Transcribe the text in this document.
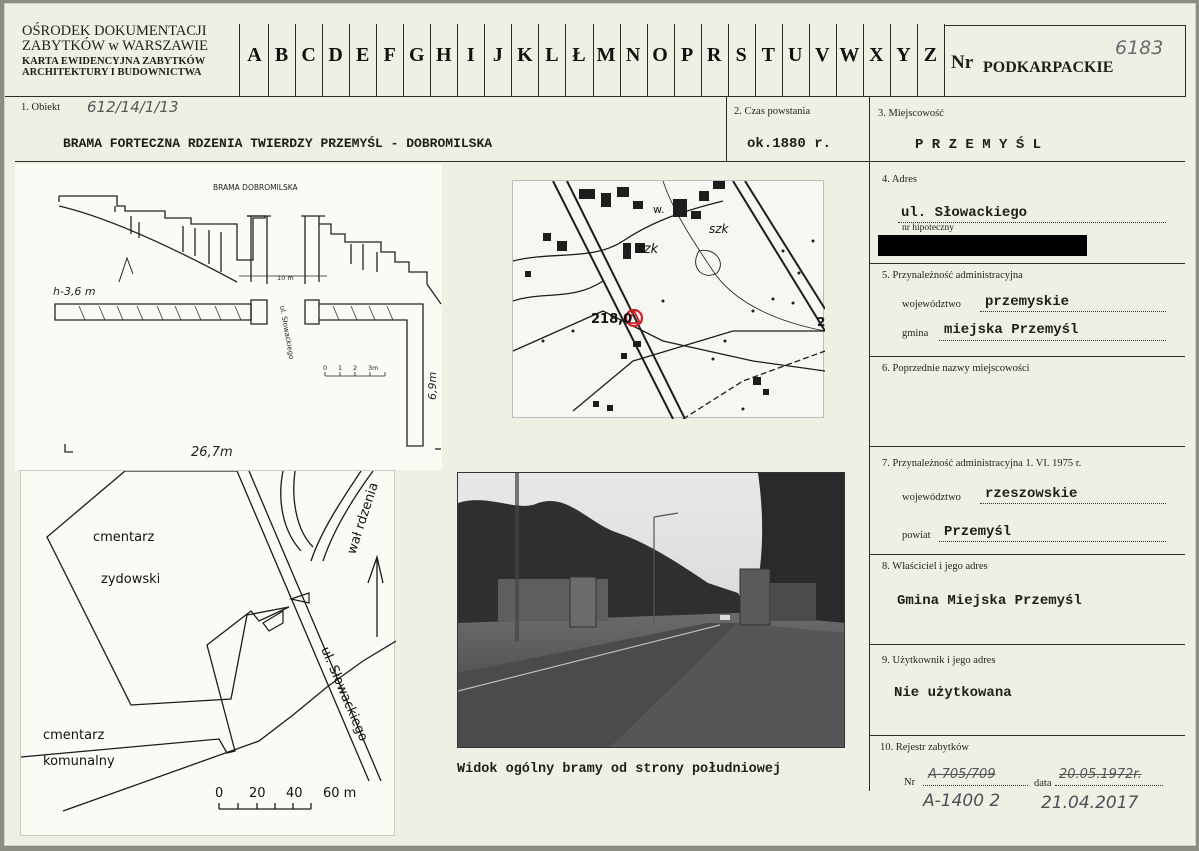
OŚRODEK DOKUMENTACJI
ZABYTKÓW w WARSZAWIE
KARTA EWIDENCYJNA ZABYTKÓW
ARCHITEKTURY I BUDOWNICTWA
A B C D E F G H I J K L Ł M N O P R S T U V W X Y Z Nr PODKARPACKIE
6183
1. Obiekt 612/14/1/13
BRAMA FORTECZNA RDZENIA TWIERDZY PRZEMYŚL - DOBROMILSKA
2. Czas powstania
ok.1880 r.
3. Miejscowość
P R Z E M Y Ś L
4. Adres
ul. Słowackiego
nr hipoteczny
5. Przynależność administracyjna
województwo przemyskie
gmina miejska Przemyśl
6. Poprzednie nazwy miejscowości
7. Przynależność administracyjna 1. VI. 1975 r.
województwo rzeszowskie
powiat Przemyśl
8. Właściciel i jego adres
Gmina Miejska Przemyśl
9. Użytkownik i jego adres
Nie użytkowana
10. Rejestr zabytków
Nr
A-705/709
data
20.05.1972r.
A-1400 2 21.04.2017
BRAMA DOBROMILSKA
h-3,6 m
10 m
ul. Słowackiego
0 1 2 3m
26,7m
6,9m
218,0
szk
szk
w.
2
cmentarz
zydowski
cmentarz
komunalny
ul. Słowackiego
wał rdzenia
0 20 40 60 m
Widok ogólny bramy od strony południowej
